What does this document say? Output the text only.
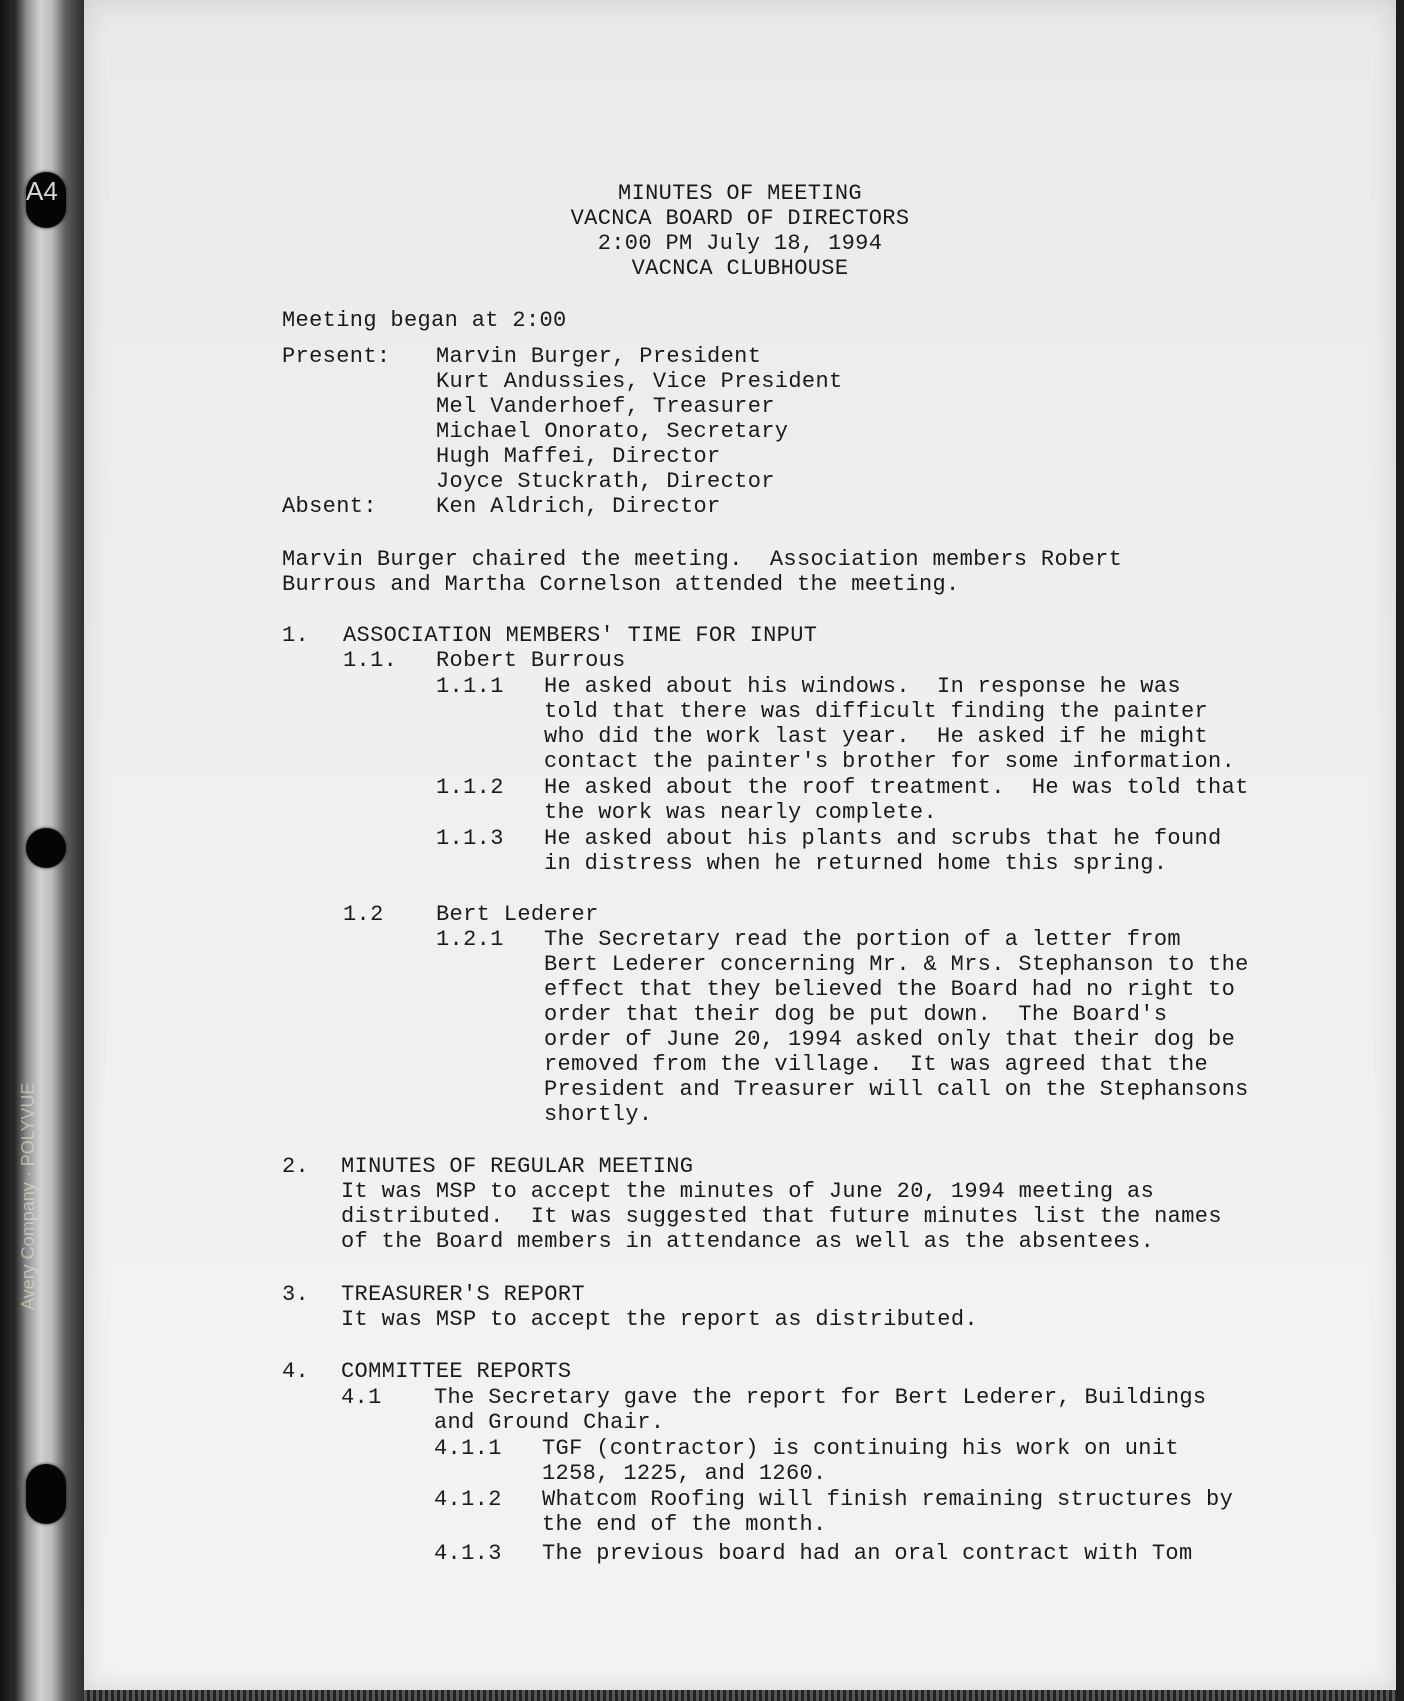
A4
Avery Company · POLYVUE
MINUTES OF MEETING
VACNCA BOARD OF DIRECTORS
2:00 PM July 18, 1994
VACNCA CLUBHOUSE
Meeting began at 2:00
Present: Marvin Burger, President
Kurt Andussies, Vice President
Mel Vanderhoef, Treasurer
Michael Onorato, Secretary
Hugh Maffei, Director
Joyce Stuckrath, Director
Absent:	Ken Aldrich, Director
Marvin Burger chaired the meeting.  Association members Robert
Burrous and Martha Cornelson attended the meeting.
1. ASSOCIATION MEMBERS' TIME FOR INPUT
1.1. Robert Burrous
1.1.1 He asked about his windows.  In response he was
told that there was difficult finding the painter
who did the work last year.  He asked if he might
contact the painter's brother for some information.
1.1.2 He asked about the roof treatment.  He was told that
the work was nearly complete.
1.1.3 He asked about his plants and scrubs that he found
in distress when he returned home this spring.
1.2 Bert Lederer
1.2.1 The Secretary read the portion of a letter from
Bert Lederer concerning Mr. & Mrs. Stephanson to the
effect that they believed the Board had no right to
order that their dog be put down.  The Board's
order of June 20, 1994 asked only that their dog be
removed from the village.  It was agreed that the
President and Treasurer will call on the Stephansons
shortly.
2. MINUTES OF REGULAR MEETING
It was MSP to accept the minutes of June 20, 1994 meeting as
distributed.  It was suggested that future minutes list the names
of the Board members in attendance as well as the absentees.
3. TREASURER'S REPORT
It was MSP to accept the report as distributed.
4. COMMITTEE REPORTS
4.1 The Secretary gave the report for Bert Lederer, Buildings
and Ground Chair.
4.1.1 TGF (contractor) is continuing his work on unit
1258, 1225, and 1260.
4.1.2 Whatcom Roofing will finish remaining structures by
the end of the month.
4.1.3 The previous board had an oral contract with Tom
